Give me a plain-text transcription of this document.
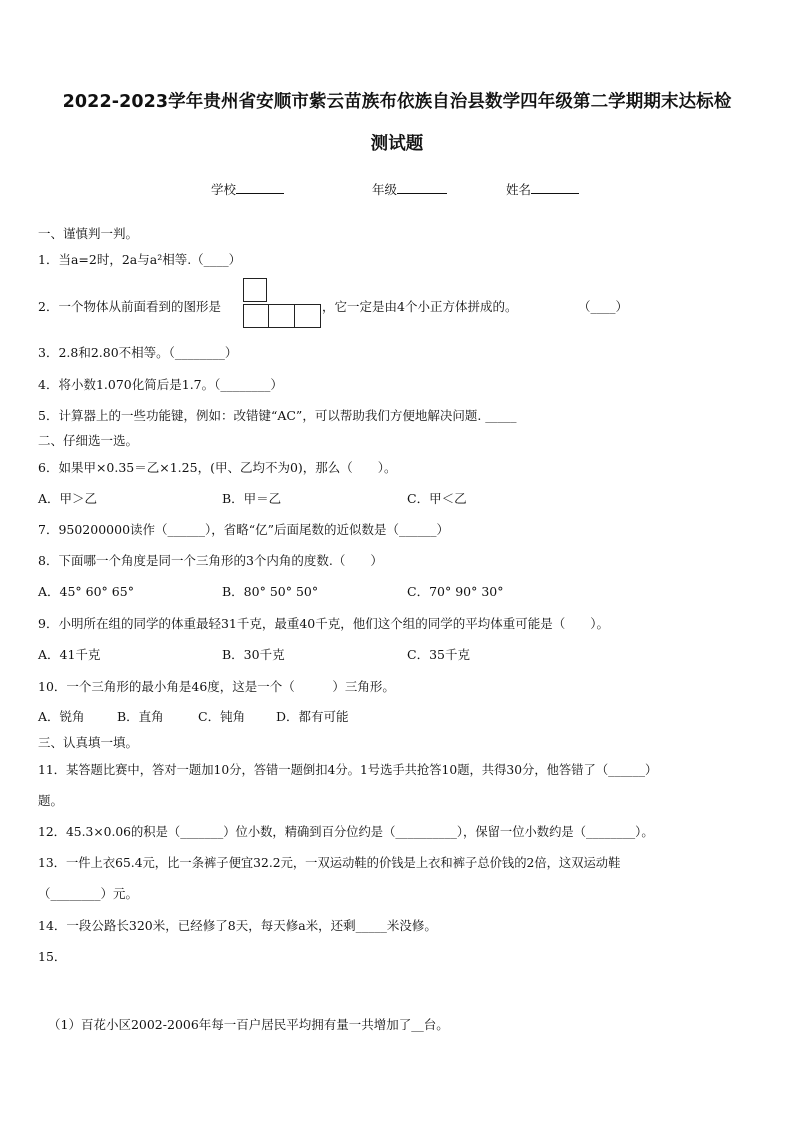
2022-2023学年贵州省安顺市紫云苗族布依族自治县数学四年级第二学期期末达标检
测试题
学校	年级	姓名
一、谨慎判一判。
1．当a=2时，2a与a²相等.（____）
2．一个物体从前面看到的图形是	，它一定是由4个小正方体拼成的。	（____）
3．2.8和2.80不相等。（________）
4．将小数1.070化简后是1.7。（________）
5．计算器上的一些功能键，例如：改错键“AC”，可以帮助我们方便地解决问题. _____
二、仔细选一选。
6．如果甲×0.35＝乙×1.25，(甲、乙均不为0)，那么（　　）。
A．甲＞乙	B．甲＝乙	C．甲＜乙
7．950200000读作（______），省略“亿”后面尾数的近似数是（______）
8．下面哪一个角度是同一个三角形的3个内角的度数.（　　）
A．45° 60° 65°	B．80° 50° 50°	C．70° 90° 30°
9．小明所在组的同学的体重最轻31千克，最重40千克，他们这个组的同学的平均体重可能是（　　）。
A．41千克	B．30千克	C．35千克
10．一个三角形的最小角是46度，这是一个（　　　）三角形。
A．锐角	B．直角	C．钝角 D．都有可能
三、认真填一填。
11．某答题比赛中，答对一题加10分，答错一题倒扣4分。1号选手共抢答10题，共得30分，他答错了（______）
题。
12．45.3×0.06的积是（_______）位小数，精确到百分位约是（__________），保留一位小数约是（________）。
13．一件上衣65.4元，比一条裤子便宜32.2元，一双运动鞋的价钱是上衣和裤子总价钱的2倍，这双运动鞋
（________）元。
14．一段公路长320米，已经修了8天，每天修a米，还剩_____米没修。
15．
（1）百花小区2002-2006年每一百户居民平均拥有量一共增加了__台。
